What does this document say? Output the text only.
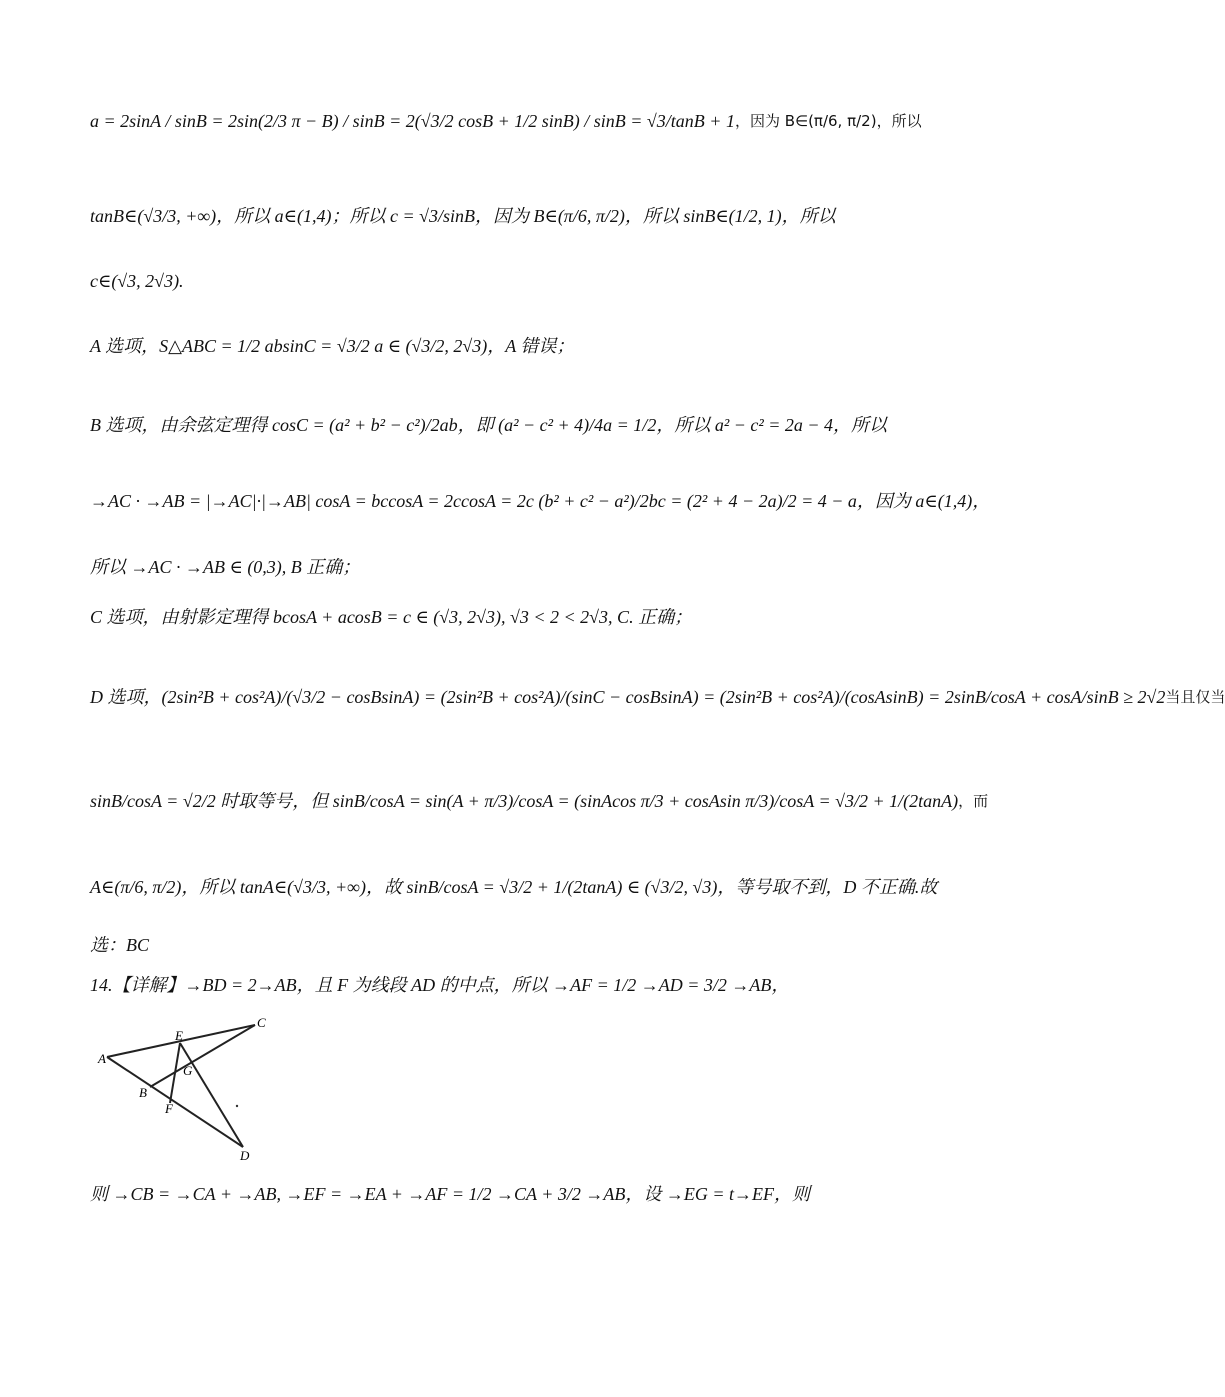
a = 2sinA / sinB = 2sin(2/3 π − B) / sinB = 2(√3/2 cosB + 1/2 sinB) / sinB = √3/tanB + 1 ，因为 B∈(π/6, π/2)，所以
tanB∈(√3/3, +∞)，所以 a∈(1,4)；所以 c = √3/sinB，因为 B∈(π/6, π/2)，所以 sinB∈(1/2, 1)，所以
c∈(√3, 2√3).
A 选项，S△ABC = 1/2 absinC = √3/2 a ∈ (√3/2, 2√3)，A 错误；
B 选项，由余弦定理得 cosC = (a² + b² − c²)/2ab，即 (a² − c² + 4)/4a = 1/2，所以 a² − c² = 2a − 4，所以
→AC · →AB = |→AC|·|→AB| cosA = bccosA = 2ccosA = 2c (b² + c² − a²)/2bc = (2² + 4 − 2a)/2 = 4 − a，因为 a∈(1,4)，
所以 →AC · →AB ∈ (0,3), B 正确；
C 选项，由射影定理得 bcosA + acosB = c ∈ (√3, 2√3), √3 < 2 < 2√3, C. 正确；
D 选项，(2sin²B + cos²A)/(√3/2 − cosBsinA) = (2sin²B + cos²A)/(sinC − cosBsinA) = (2sin²B + cos²A)/(cosAsinB) = 2sinB/cosA + cosA/sinB ≥ 2√2 当且仅当
sinB/cosA = √2/2 时取等号，但 sinB/cosA = sin(A + π/3)/cosA = (sinAcos π/3 + cosAsin π/3)/cosA = √3/2 + 1/(2tanA) ，而
A∈(π/6, π/2)，所以 tanA∈(√3/3, +∞)，故 sinB/cosA = √3/2 + 1/(2tanA) ∈ (√3/2, √3)，等号取不到，D 不正确.故
选：BC
14.【详解】→BD = 2→AB，且 F 为线段 AD 的中点，所以 →AF = 1/2 →AD = 3/2 →AB，
A
B
C
D
E
F
G
则 →CB = →CA + →AB, →EF = →EA + →AF = 1/2 →CA + 3/2 →AB，设 →EG = t→EF，则
